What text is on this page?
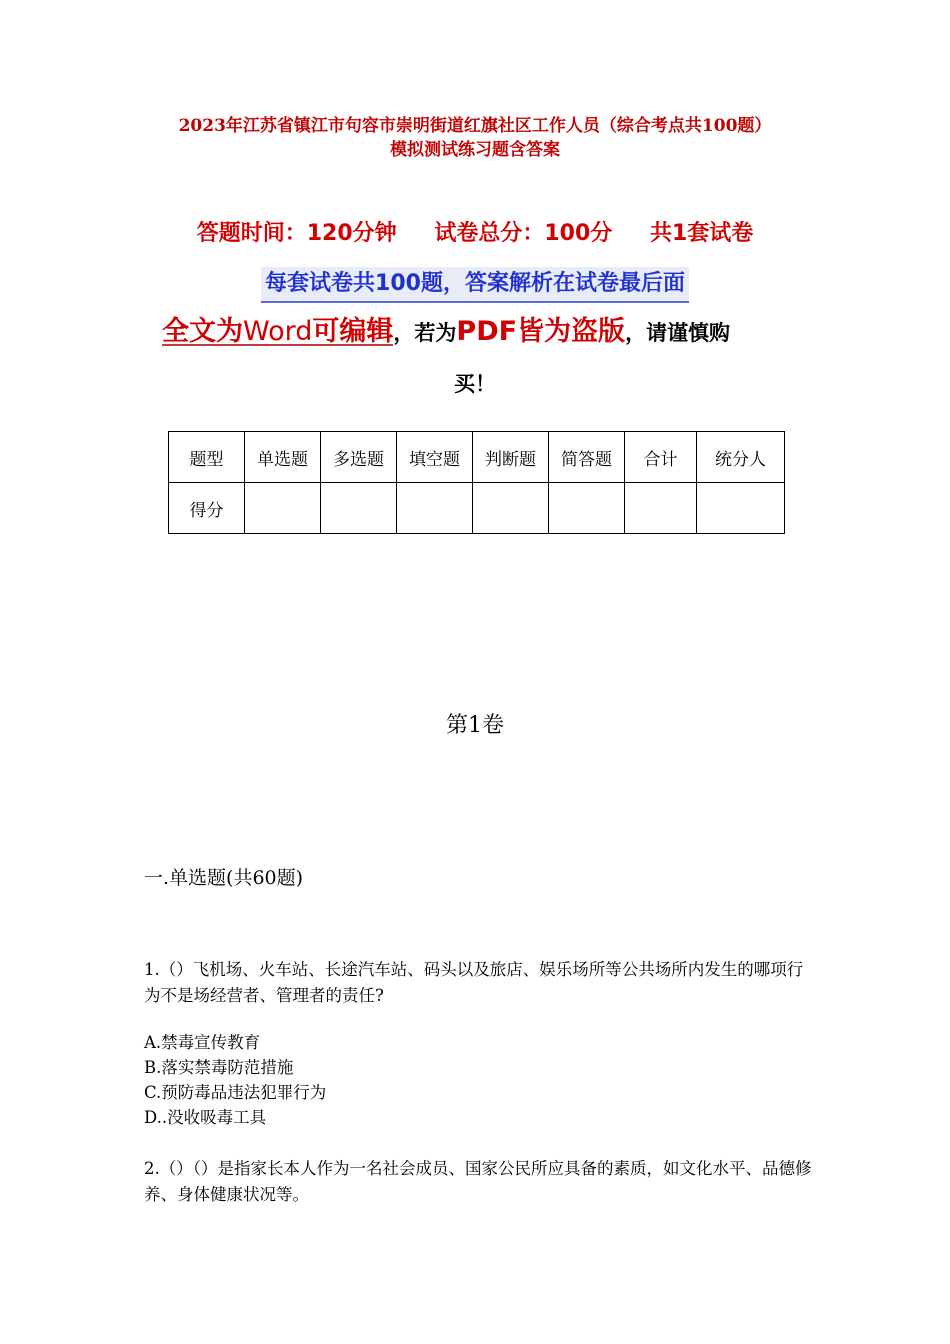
2023年江苏省镇江市句容市崇明街道红旗社区工作人员（综合考点共100题）
模拟测试练习题含答案
答题时间：120分钟 试卷总分：100分 共1套试卷
每套试卷共100题，答案解析在试卷最后面
全文为Word可编辑，若为PDF皆为盗版，请谨慎购
买！
题型	单选题	多选题	填空题	判断题	简答题	合计	统分人
得分							
第1卷
一.单选题(共60题)
1.（）飞机场、火车站、长途汽车站、码头以及旅店、娱乐场所等公共场所内发生的哪项行为不是场经营者、管理者的责任?
A.禁毒宣传教育
B.落实禁毒防范措施
C.预防毒品违法犯罪行为
D..没收吸毒工具
2.（）（）是指家长本人作为一名社会成员、国家公民所应具备的素质，如文化水平、品德修养、身体健康状况等。
